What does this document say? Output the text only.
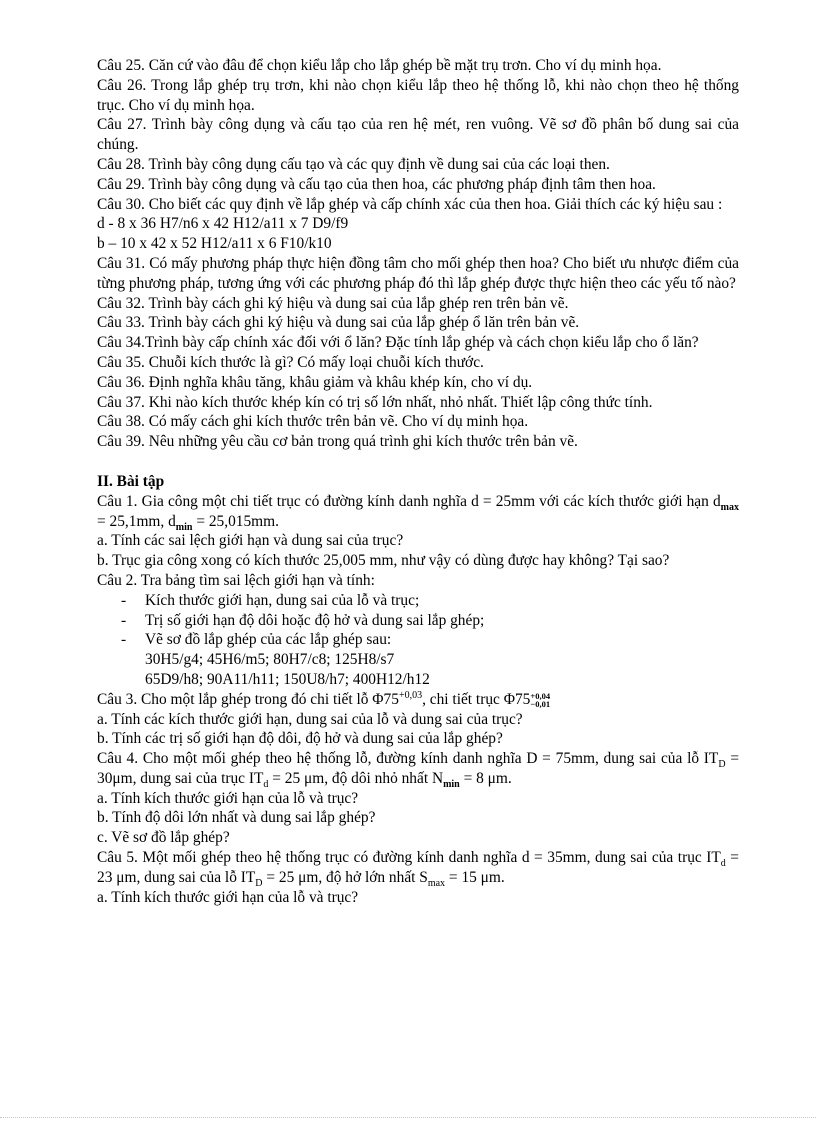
Câu 25. Căn cứ vào đâu để chọn kiểu lắp cho lắp ghép bề mặt trụ trơn. Cho ví dụ minh họa.

Câu 26. Trong lắp ghép trụ trơn, khi nào chọn kiểu lắp theo hệ thống lỗ, khi nào chọn theo hệ thống trục. Cho ví dụ minh họa.

Câu 27. Trình bày công dụng và cấu tạo của ren hệ mét, ren vuông. Vẽ sơ đồ phân bố dung sai của chúng.

Câu 28. Trình bày công dụng cấu tạo và các quy định về dung sai của các loại then.

Câu 29. Trình bày công dụng và cấu tạo của then hoa, các phương pháp định tâm then hoa.

Câu 30. Cho biết các quy định về lắp ghép và cấp chính xác của then hoa. Giải thích các ký hiệu sau :

d - 8 x 36 H7/n6 x 42 H12/a11 x 7 D9/f9

b – 10 x 42 x 52 H12/a11 x 6 F10/k10

Câu 31. Có mấy phương pháp thực hiện đồng tâm cho mối ghép then hoa? Cho biết ưu nhược điểm của từng phương pháp, tương ứng với các phương pháp đó thì lắp ghép được thực hiện theo các yếu tố nào?

Câu 32. Trình bày cách ghi ký hiệu và dung sai của lắp ghép ren trên bản vẽ.

Câu 33. Trình bày cách ghi ký hiệu và dung sai của lắp ghép ổ lăn trên bản vẽ.

Câu 34.Trình bày cấp chính xác đối với ổ lăn? Đặc tính lắp ghép và cách chọn kiểu lắp cho ổ lăn?

Câu 35. Chuỗi kích thước là gì? Có mấy loại chuỗi kích thước.

Câu 36. Định nghĩa khâu tăng, khâu giảm và khâu khép kín, cho ví dụ.

Câu 37. Khi nào kích thước khép kín có trị số lớn nhất, nhỏ nhất. Thiết lập công thức tính.

Câu 38. Có mấy cách ghi kích thước trên bản vẽ. Cho ví dụ minh họa.

Câu 39. Nêu những yêu cầu cơ bản trong quá trình ghi kích thước trên bản vẽ.

II. Bài tập

Câu 1. Gia công một chi tiết trục có đường kính danh nghĩa d = 25mm với các kích thước giới hạn $d_{max} = 25,1mm$, $d_{min} = 25,015mm$.

a. Tính các sai lệch giới hạn và dung sai của trục?

b. Trục gia công xong có kích thước 25,005 mm, như vậy có dùng được hay không? Tại sao?

Câu 2. Tra bảng tìm sai lệch giới hạn và tính:

- Kích thước giới hạn, dung sai của lỗ và trục;

- Trị số giới hạn độ dôi hoặc độ hở và dung sai lắp ghép;

- Vẽ sơ đồ lắp ghép của các lắp ghép sau:

30H5/g4; 45H6/m5; 80H7/c8; 125H8/s7

65D9/h8; 90A11/h11; 150U8/h7; 400H12/h12

Câu 3. Cho một lắp ghép trong đó chi tiết lỗ $\Phi 75^{+0,03}$, chi tiết trục Φ75 +0,04
−0,01

a. Tính các kích thước giới hạn, dung sai của lỗ và dung sai của trục?

b. Tính các trị số giới hạn độ dôi, độ hở và dung sai của lắp ghép?

Câu 4. Cho một mối ghép theo hệ thống lỗ, đường kính danh nghĩa D = 75mm, dung sai của lỗ $IT_D = 30\mu m$, dung sai của trục $IT_d = 25$ μm, độ dôi nhỏ nhất $N_{min} = 8$ μm.

a. Tính kích thước giới hạn của lỗ và trục?

b. Tính độ dôi lớn nhất và dung sai lắp ghép?

c. Vẽ sơ đồ lắp ghép?

Câu 5. Một mối ghép theo hệ thống trục có đường kính danh nghĩa d = 35mm, dung sai của trục $IT_d = 23$ μm, dung sai của lỗ $IT_D = 25$ μm, độ hở lớn nhất $S_{max} = 15$ μm.

a. Tính kích thước giới hạn của lỗ và trục?
